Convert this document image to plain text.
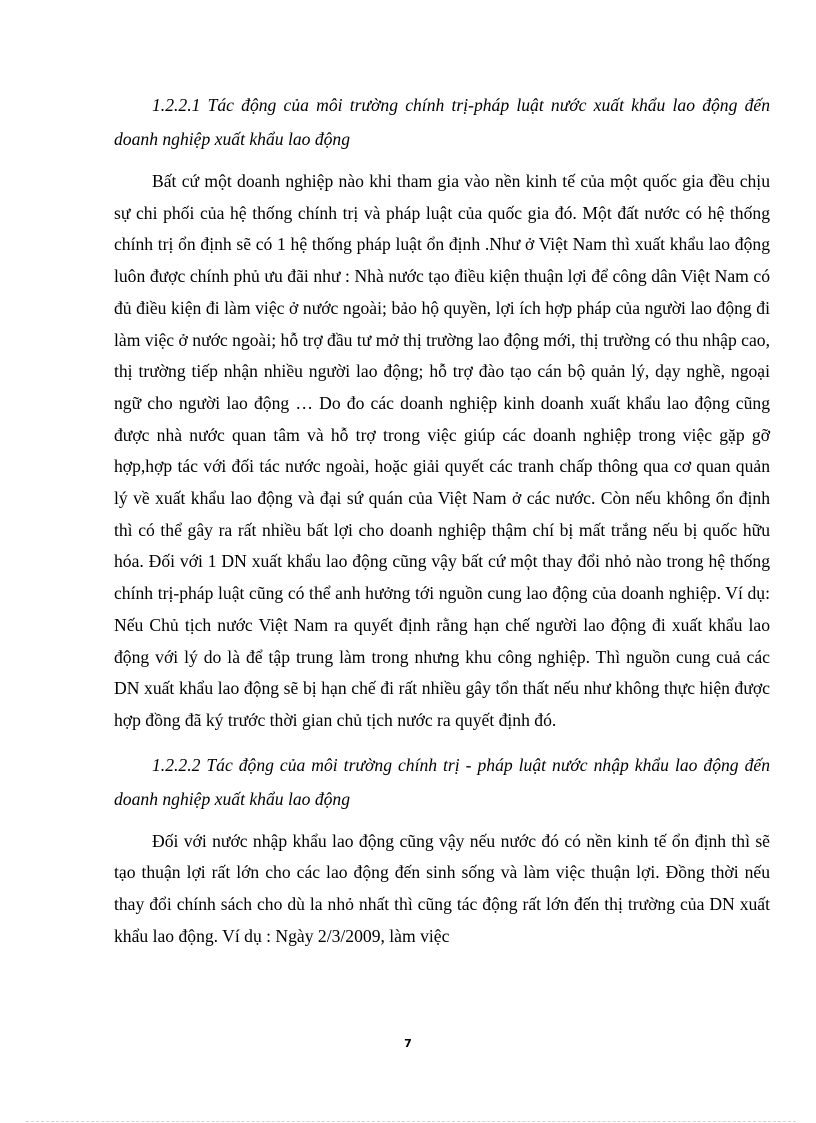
1.2.2.1 Tác động của môi trường chính trị-pháp luật nước xuất khẩu lao động đến doanh nghiệp xuất khẩu lao động

Bất cứ một doanh nghiệp nào khi tham gia vào nền kinh tế của một quốc gia đều chịu sự chi phối của hệ thống chính trị và pháp luật của quốc gia đó. Một đất nước có hệ thống chính trị ổn định sẽ có 1 hệ thống pháp luật ổn định .Như ở Việt Nam thì xuất khẩu lao động luôn được chính phủ ưu đãi như : Nhà nước tạo điều kiện thuận lợi để công dân Việt Nam có đủ điều kiện đi làm việc ở nước ngoài; bảo hộ quyền, lợi ích hợp pháp của người lao động đi làm việc ở nước ngoài; hỗ trợ đầu tư mở thị trường lao động mới, thị trường có thu nhập cao, thị trường tiếp nhận nhiều người lao động; hỗ trợ đào tạo cán bộ quản lý, dạy nghề, ngoại ngữ cho người lao động … Do đo các doanh nghiệp kinh doanh xuất khẩu lao động cũng được nhà nước quan tâm và hỗ trợ trong việc giúp các doanh nghiệp trong việc gặp gỡ hợp,hợp tác với đối tác nước ngoài, hoặc giải quyết các tranh chấp thông qua cơ quan quản lý về xuất khẩu lao động và đại sứ quán của Việt Nam ở các nước. Còn nếu không ổn định thì có thể gây ra rất nhiều bất lợi cho doanh nghiệp thậm chí bị mất trắng nếu bị quốc hữu hóa. Đối với 1 DN xuất khẩu lao động cũng vậy bất cứ một thay đổi nhỏ nào trong hệ thống chính trị-pháp luật cũng có thể anh hưởng tới nguồn cung lao động của doanh nghiệp. Ví dụ: Nếu Chủ tịch nước Việt Nam ra quyết định rằng hạn chế người lao động đi xuất khẩu lao động với lý do là để tập trung làm trong nhưng khu công nghiệp. Thì nguồn cung cuả các DN xuất khẩu lao động sẽ bị hạn chế đi rất nhiều gây tổn thất nếu như không thực hiện được hợp đồng đã ký trước thời gian chủ tịch nước ra quyết định đó.

1.2.2.2 Tác động của môi trường chính trị - pháp luật nước nhập khẩu lao động đến doanh nghiệp xuất khẩu lao động

Đối với nước nhập khẩu lao động cũng vậy nếu nước đó có nền kinh tế ổn định thì sẽ tạo thuận lợi rất lớn cho các lao động đến sinh sống và làm việc thuận lợi. Đồng thời nếu thay đổi chính sách cho dù la nhỏ nhất thì cũng tác động rất lớn đến thị trường của DN xuất khẩu lao động. Ví dụ : Ngày 2/3/2009, làm việc

7
